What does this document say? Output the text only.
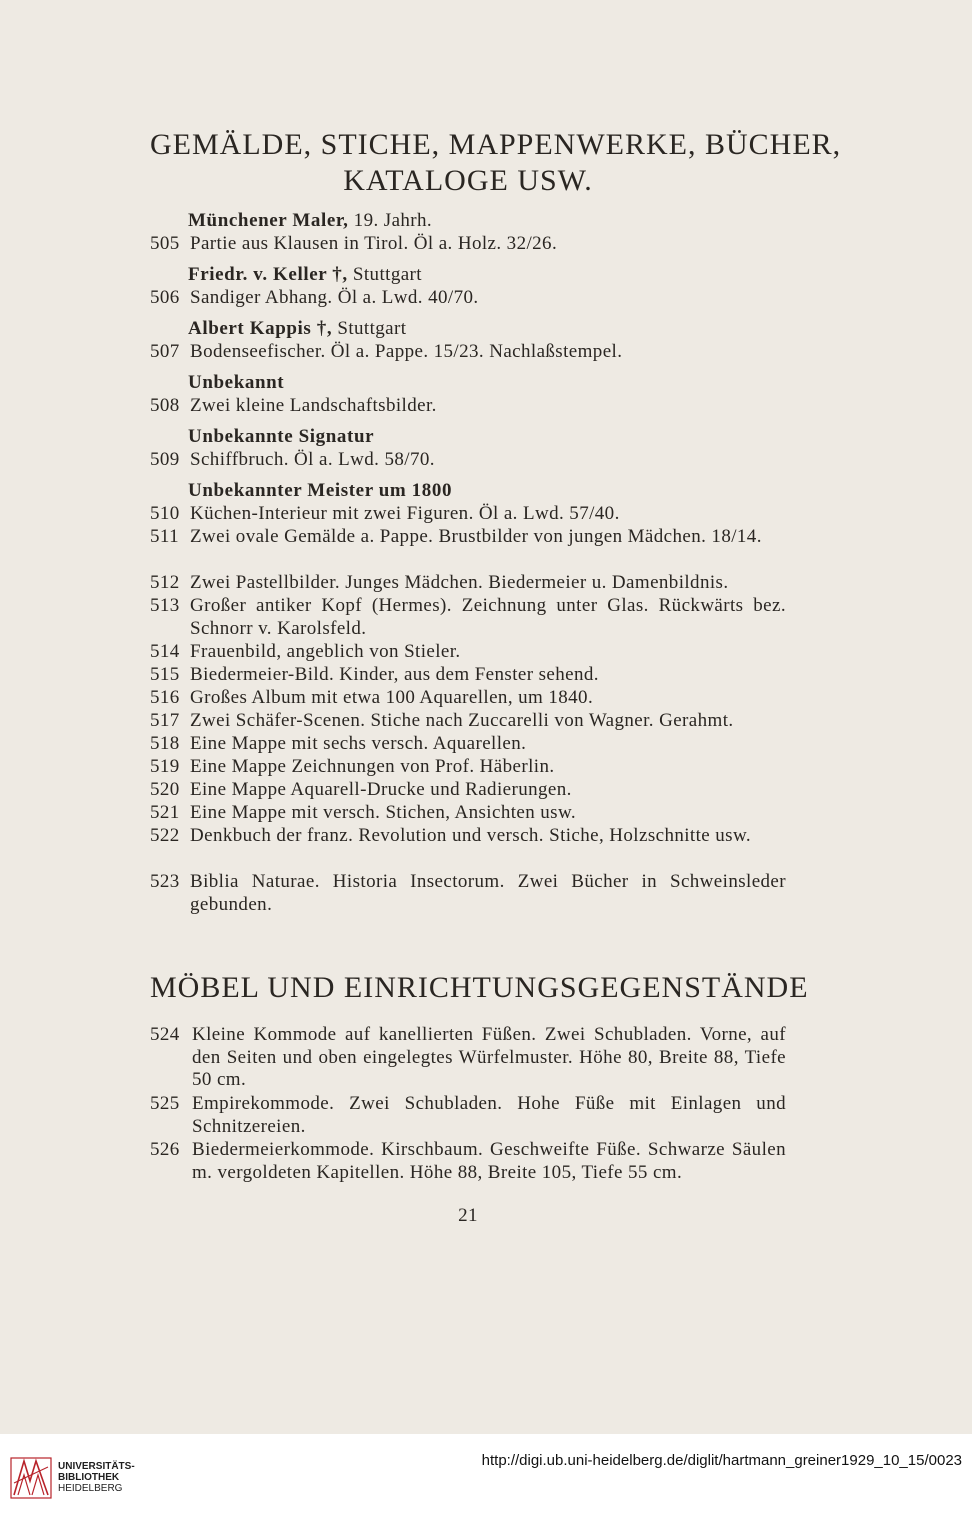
GEMÄLDE, STICHE, MAPPENWERKE, BÜCHER,
KATALOGE USW.
Münchener Maler, 19. Jahrh.
505 Partie aus Klausen in Tirol. Öl a. Holz. 32/26.
Friedr. v. Keller †, Stuttgart
506 Sandiger Abhang. Öl a. Lwd. 40/70.
Albert Kappis †, Stuttgart
507 Bodenseefischer. Öl a. Pappe. 15/23. Nachlaßstempel.
Unbekannt
508 Zwei kleine Landschaftsbilder.
Unbekannte Signatur
509 Schiffbruch. Öl a. Lwd. 58/70.
Unbekannter Meister um 1800
510 Küchen-Interieur mit zwei Figuren. Öl a. Lwd. 57/40.
511 Zwei ovale Gemälde a. Pappe. Brustbilder von jungen Mädchen. 18/14.
512 Zwei Pastellbilder. Junges Mädchen. Biedermeier u. Damenbildnis.
513 Großer antiker Kopf (Hermes). Zeichnung unter Glas. Rückwärts bez. Schnorr v. Karolsfeld.
514 Frauenbild, angeblich von Stieler.
515 Biedermeier-Bild. Kinder, aus dem Fenster sehend.
516 Großes Album mit etwa 100 Aquarellen, um 1840.
517 Zwei Schäfer-Scenen. Stiche nach Zuccarelli von Wagner. Gerahmt.
518 Eine Mappe mit sechs versch. Aquarellen.
519 Eine Mappe Zeichnungen von Prof. Häberlin.
520 Eine Mappe Aquarell-Drucke und Radierungen.
521 Eine Mappe mit versch. Stichen, Ansichten usw.
522 Denkbuch der franz. Revolution und versch. Stiche, Holzschnitte usw.
523 Biblia Naturae. Historia Insectorum. Zwei Bücher in Schweinsleder gebunden.
MÖBEL UND EINRICHTUNGSGEGENSTÄNDE
524 Kleine Kommode auf kanellierten Füßen. Zwei Schubladen. Vorne, auf den Seiten und oben eingelegtes Würfelmuster. Höhe 80, Breite 88, Tiefe 50 cm.
525 Empirekommode. Zwei Schubladen. Hohe Füße mit Einlagen und Schnitzereien.
526 Biedermeierkommode. Kirschbaum. Geschweifte Füße. Schwarze Säulen m. vergoldeten Kapitellen. Höhe 88, Breite 105, Tiefe 55 cm.
21
UNIVERSITÄTS-
BIBLIOTHEK
HEIDELBERG
http://digi.ub.uni-heidelberg.de/diglit/hartmann_greiner1929_10_15/0023
